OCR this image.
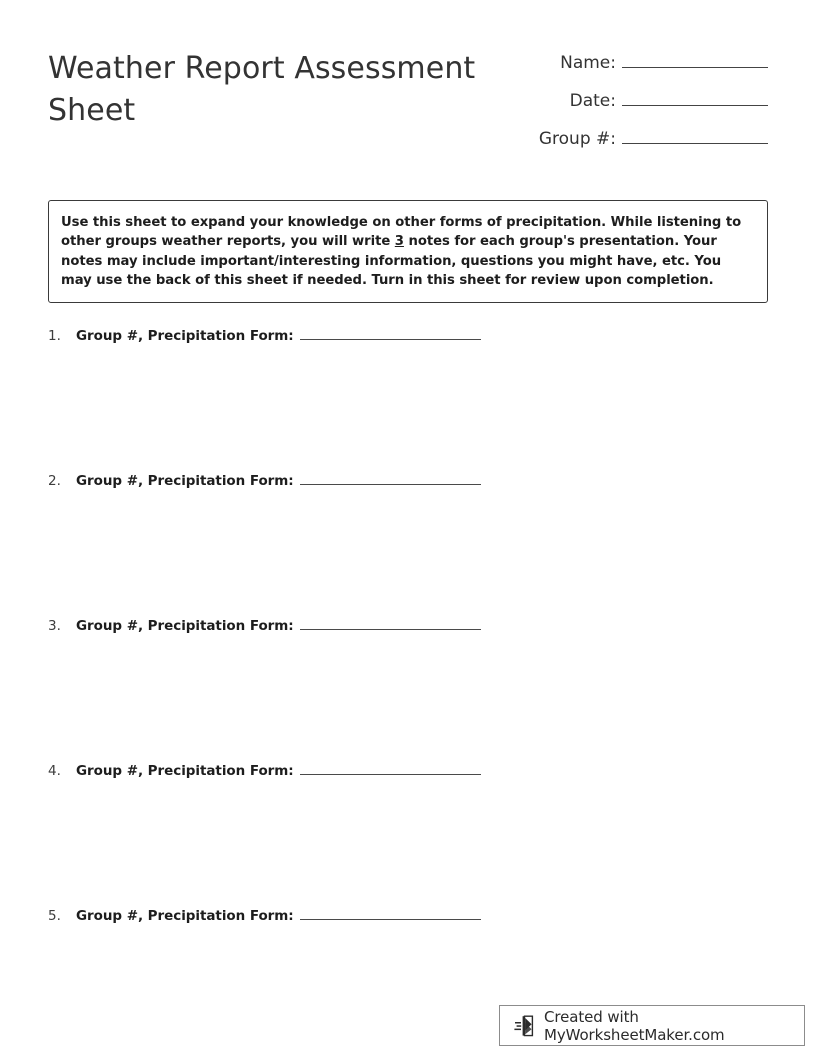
Weather Report Assessment Sheet
Name:
Date:
Group #:

Use this sheet to expand your knowledge on other forms of precipitation. While listening to other groups weather reports, you will write 3 notes for each group's presentation. Your notes may include important/interesting information, questions you might have, etc. You may use the back of this sheet if needed. Turn in this sheet for review upon completion.

1.	Group #, Precipitation Form:
2.	Group #, Precipitation Form:
3.	Group #, Precipitation Form:
4.	Group #, Precipitation Form:
5.	Group #, Precipitation Form:
Created with MyWorksheetMaker.com
